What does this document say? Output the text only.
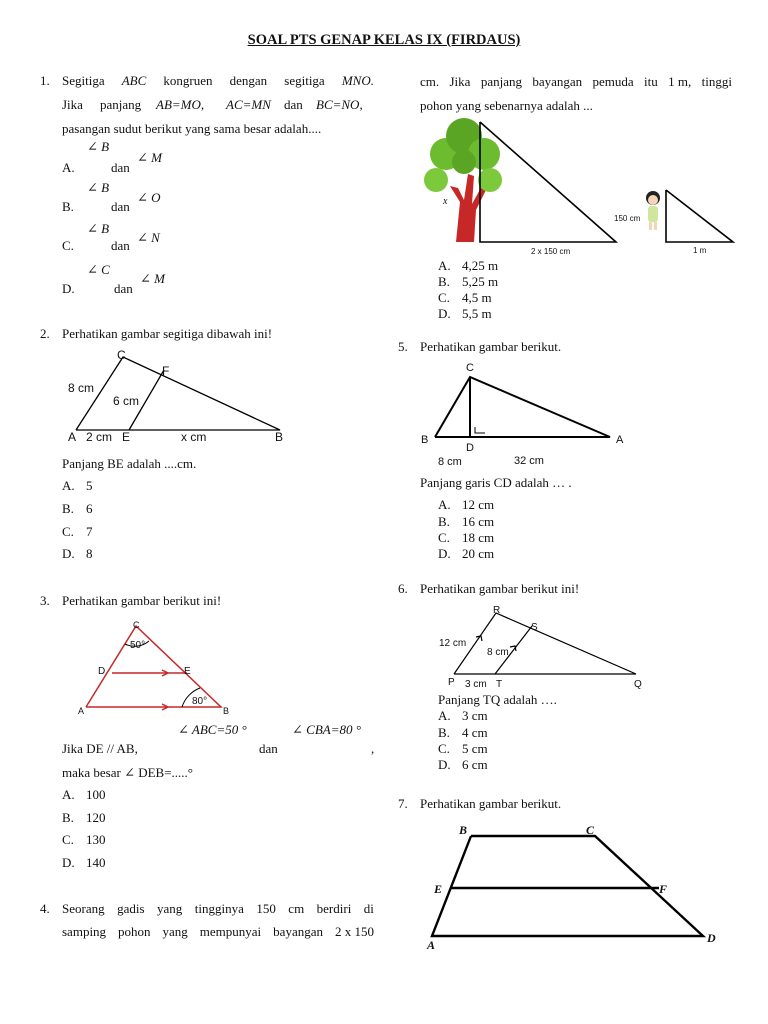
SOAL PTS GENAP KELAS IX (FIRDAUS)
1. Segitiga ABC kongruen dengan segitiga MNO.
Jika panjang AB=MO, AC=MN dan BC=NO,
pasangan sudut berikut yang sama besar adalah....
∠ B
A.	dan
∠ M
∠ B
B.	dan
∠ O
∠ B
C.	dan
∠ N
∠ C
D.	dan
∠ M
2. Perhatikan gambar segitiga dibawah ini!
C
F
8 cm
6 cm
A 2 cm E	x cm	B
Panjang BE adalah ....cm.
A. 5
B. 6
C. 7
D. 8
3. Perhatikan gambar berikut ini!
C
50°
D	E
80°
A	B
∠ ABC=50 °	∠ CBA=80 °
Jika DE // AB,	dan	,
maka besar ∠ DEB=.....°
A. 100
B. 120
C. 130
D. 140
4. Seorang gadis yang tingginya 150 cm berdiri di
samping pohon yang mempunyai bayangan 2 x 150
cm. Jika panjang bayangan pemuda itu 1 m, tinggi
pohon yang sebenarnya adalah ...
x
2 x 150 cm
150 cm
1 m
A. 4,25 m
B. 5,25 m
C. 4,5 m
D. 5,5 m
5. Perhatikan gambar berikut.
C
B
D
A
8 cm	32 cm
Panjang garis CD adalah … .
A. 12 cm
B. 16 cm
C. 18 cm
D. 20 cm
6. Perhatikan gambar berikut ini!
R
S
12 cm
8 cm
P 3 cm T	Q
Panjang TQ adalah ….
A. 3 cm
B. 4 cm
C. 5 cm
D. 6 cm
7. Perhatikan gambar berikut.
B	C
E	F
A	D
